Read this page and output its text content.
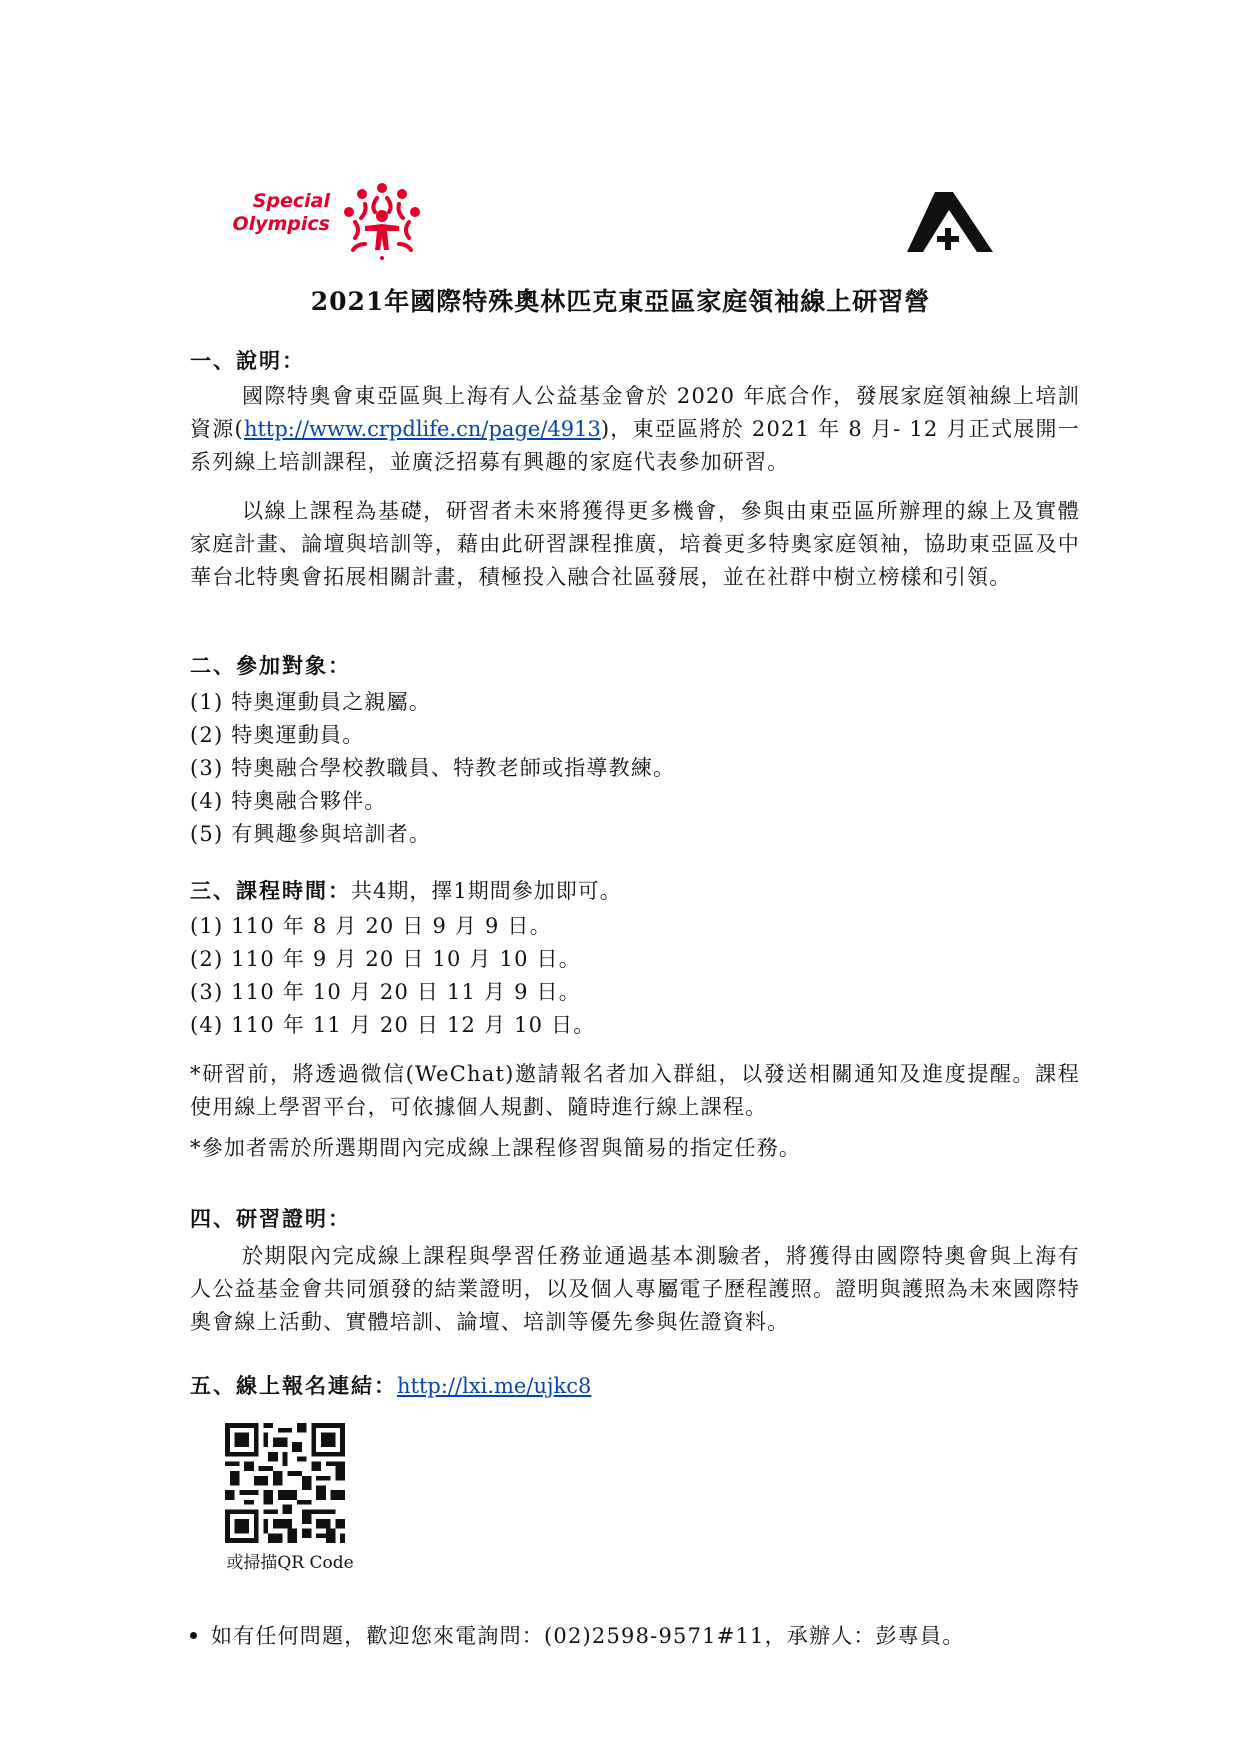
Special
Olympics
2021年國際特殊奧林匹克東亞區家庭領袖線上研習營
一、說明：
國際特奧會東亞區與上海有人公益基金會於 2020 年底合作，發展家庭領袖線上培訓資源(http://www.crpdlife.cn/page/4913)，東亞區將於 2021 年 8 月- 12 月正式展開一系列線上培訓課程，並廣泛招募有興趣的家庭代表參加研習。
以線上課程為基礎，研習者未來將獲得更多機會，參與由東亞區所辦理的線上及實體家庭計畫、論壇與培訓等，藉由此研習課程推廣，培養更多特奧家庭領袖，協助東亞區及中華台北特奧會拓展相關計畫，積極投入融合社區發展，並在社群中樹立榜樣和引領。
二、參加對象：
(1) 特奧運動員之親屬。
(2) 特奧運動員。
(3) 特奧融合學校教職員、特教老師或指導教練。
(4) 特奧融合夥伴。
(5) 有興趣參與培訓者。
三、課程時間：共4期，擇1期間參加即可。
(1) 110 年 8 月 20 日 9 月 9 日。
(2) 110 年 9 月 20 日 10 月 10 日。
(3) 110 年 10 月 20 日 11 月 9 日。
(4) 110 年 11 月 20 日 12 月 10 日。
*研習前，將透過微信(WeChat)邀請報名者加入群組，以發送相關通知及進度提醒。課程使用線上學習平台，可依據個人規劃、隨時進行線上課程。
*參加者需於所選期間內完成線上課程修習與簡易的指定任務。
四、研習證明：
於期限內完成線上課程與學習任務並通過基本測驗者，將獲得由國際特奧會與上海有人公益基金會共同頒發的結業證明，以及個人專屬電子歷程護照。證明與護照為未來國際特奧會線上活動、實體培訓、論壇、培訓等優先參與佐證資料。
五、線上報名連結：http://lxi.me/ujkc8
或掃描QR Code
如有任何問題，歡迎您來電詢問：(02)2598-9571#11，承辦人：彭專員。
